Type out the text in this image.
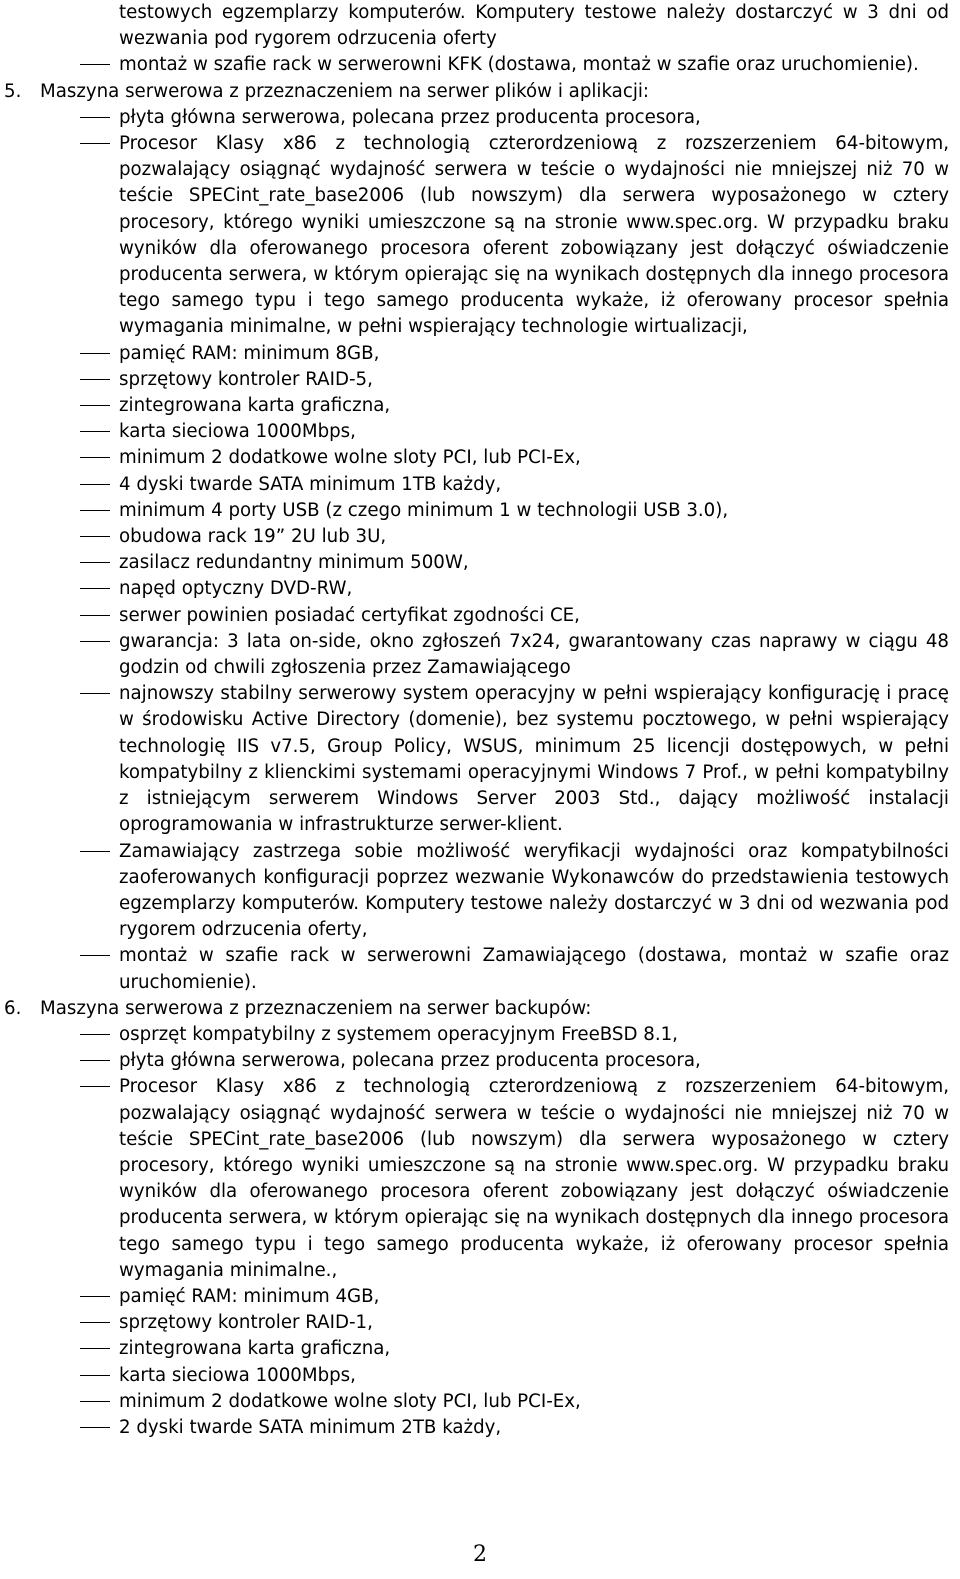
testowych egzemplarzy komputerów. Komputery testowe należy dostarczyć w 3 dni od wezwania pod rygorem odrzucenia oferty
montaż w szafie rack w serwerowni KFK (dostawa, montaż w szafie oraz uruchomienie).
5. Maszyna serwerowa z przeznaczeniem na serwer plików i aplikacji:
płyta główna serwerowa, polecana przez producenta procesora,
Procesor Klasy x86 z technologią czterordzeniową z rozszerzeniem 64-bitowym, pozwalający osiągnąć wydajność serwera w teście o wydajności nie mniejszej niż 70 w teście SPECint_rate_base2006 (lub nowszym) dla serwera wyposażonego w cztery procesory, którego wyniki umieszczone są na stronie www.spec.org. W przypadku braku wyników dla oferowanego procesora oferent zobowiązany jest dołączyć oświadczenie producenta serwera, w którym opierając się na wynikach dostępnych dla innego procesora tego samego typu i tego samego producenta wykaże, iż oferowany procesor spełnia wymagania minimalne, w pełni wspierający technologie wirtualizacji,
pamięć RAM: minimum 8GB,
sprzętowy kontroler RAID-5,
zintegrowana karta graficzna,
karta sieciowa 1000Mbps,
minimum 2 dodatkowe wolne sloty PCI, lub PCI-Ex,
4 dyski twarde SATA minimum 1TB każdy,
minimum 4 porty USB (z czego minimum 1 w technologii USB 3.0),
obudowa rack 19” 2U lub 3U,
zasilacz redundantny minimum 500W,
napęd optyczny DVD-RW,
serwer powinien posiadać certyfikat zgodności CE,
gwarancja: 3 lata on-side, okno zgłoszeń 7x24, gwarantowany czas naprawy w ciągu 48 godzin od chwili zgłoszenia przez Zamawiającego
najnowszy stabilny serwerowy system operacyjny w pełni wspierający konfigurację i pracę w środowisku Active Directory (domenie), bez systemu pocztowego, w pełni wspierający technologię IIS v7.5, Group Policy, WSUS, minimum 25 licencji dostępowych, w pełni kompatybilny z klienckimi systemami operacyjnymi Windows 7 Prof., w pełni kompatybilny z istniejącym serwerem Windows Server 2003 Std., dający możliwość instalacji oprogramowania w infrastrukturze serwer-klient.
Zamawiający zastrzega sobie możliwość weryfikacji wydajności oraz kompatybilności zaoferowanych konfiguracji poprzez wezwanie Wykonawców do przedstawienia testowych egzemplarzy komputerów. Komputery testowe należy dostarczyć w 3 dni od wezwania pod rygorem odrzucenia oferty,
montaż w szafie rack w serwerowni Zamawiającego (dostawa, montaż w szafie oraz uruchomienie).
6. Maszyna serwerowa z przeznaczeniem na serwer backupów:
osprzęt kompatybilny z systemem operacyjnym FreeBSD 8.1,
płyta główna serwerowa, polecana przez producenta procesora,
Procesor Klasy x86 z technologią czterordzeniową z rozszerzeniem 64-bitowym, pozwalający osiągnąć wydajność serwera w teście o wydajności nie mniejszej niż 70 w teście SPECint_rate_base2006 (lub nowszym) dla serwera wyposażonego w cztery procesory, którego wyniki umieszczone są na stronie www.spec.org. W przypadku braku wyników dla oferowanego procesora oferent zobowiązany jest dołączyć oświadczenie producenta serwera, w którym opierając się na wynikach dostępnych dla innego procesora tego samego typu i tego samego producenta wykaże, iż oferowany procesor spełnia wymagania minimalne.,
pamięć RAM: minimum 4GB,
sprzętowy kontroler RAID-1,
zintegrowana karta graficzna,
karta sieciowa 1000Mbps,
minimum 2 dodatkowe wolne sloty PCI, lub PCI-Ex,
2 dyski twarde SATA minimum 2TB każdy,
2
